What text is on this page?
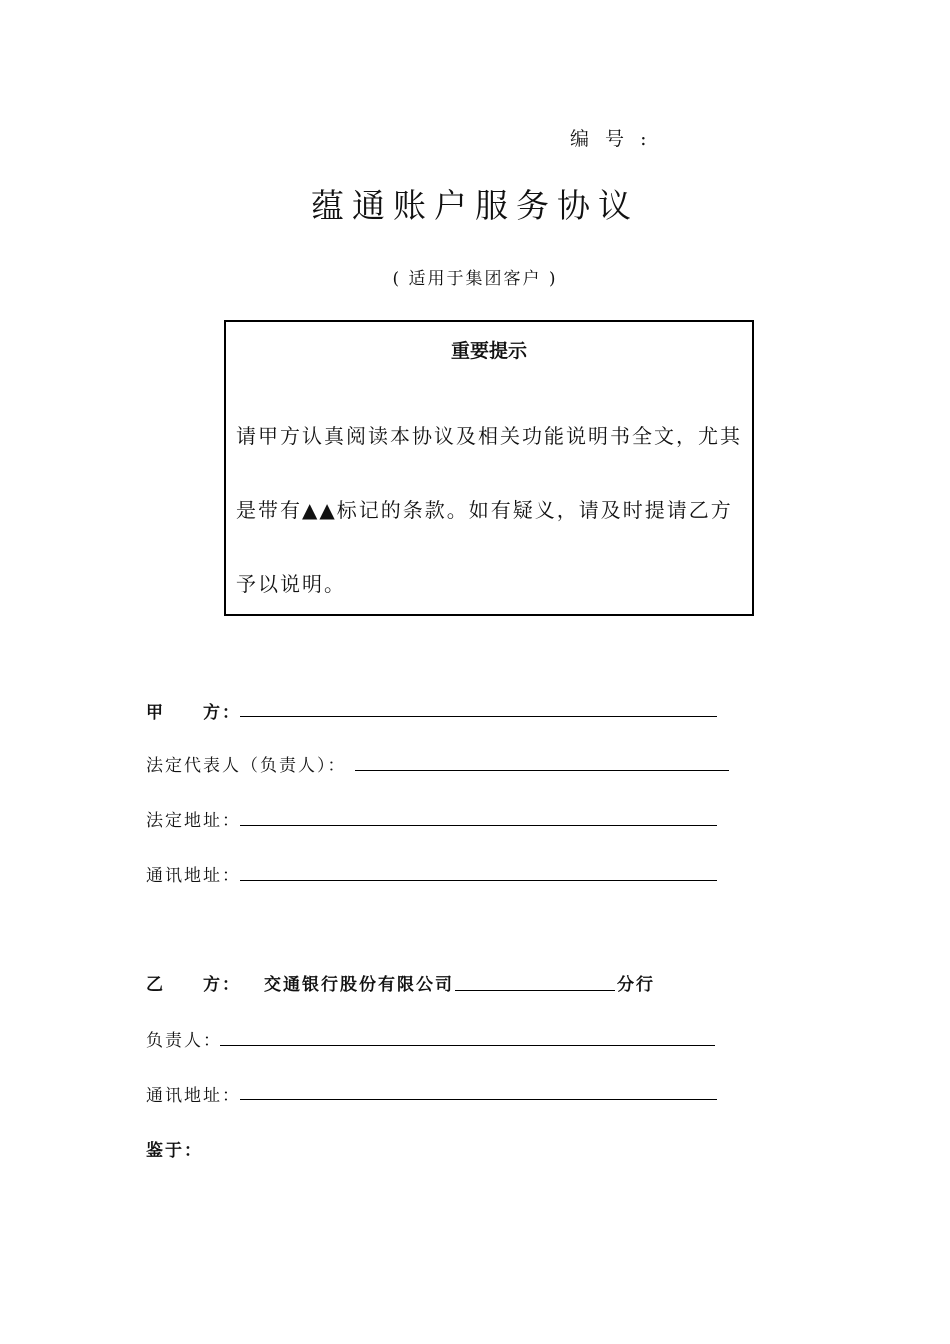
编 号 :
蕴通账户服务协议
( 适用于集团客户 )
重要提示
请甲方认真阅读本协议及相关功能说明书全文，尤其
是带有▲▲标记的条款。如有疑义，请及时提请乙方
予以说明。
甲　　方：
法定代表人（负责人）：
法定地址：
通讯地址：
乙　　方： 交通银行股份有限公司	分行
负责人：
通讯地址：
鉴于：
